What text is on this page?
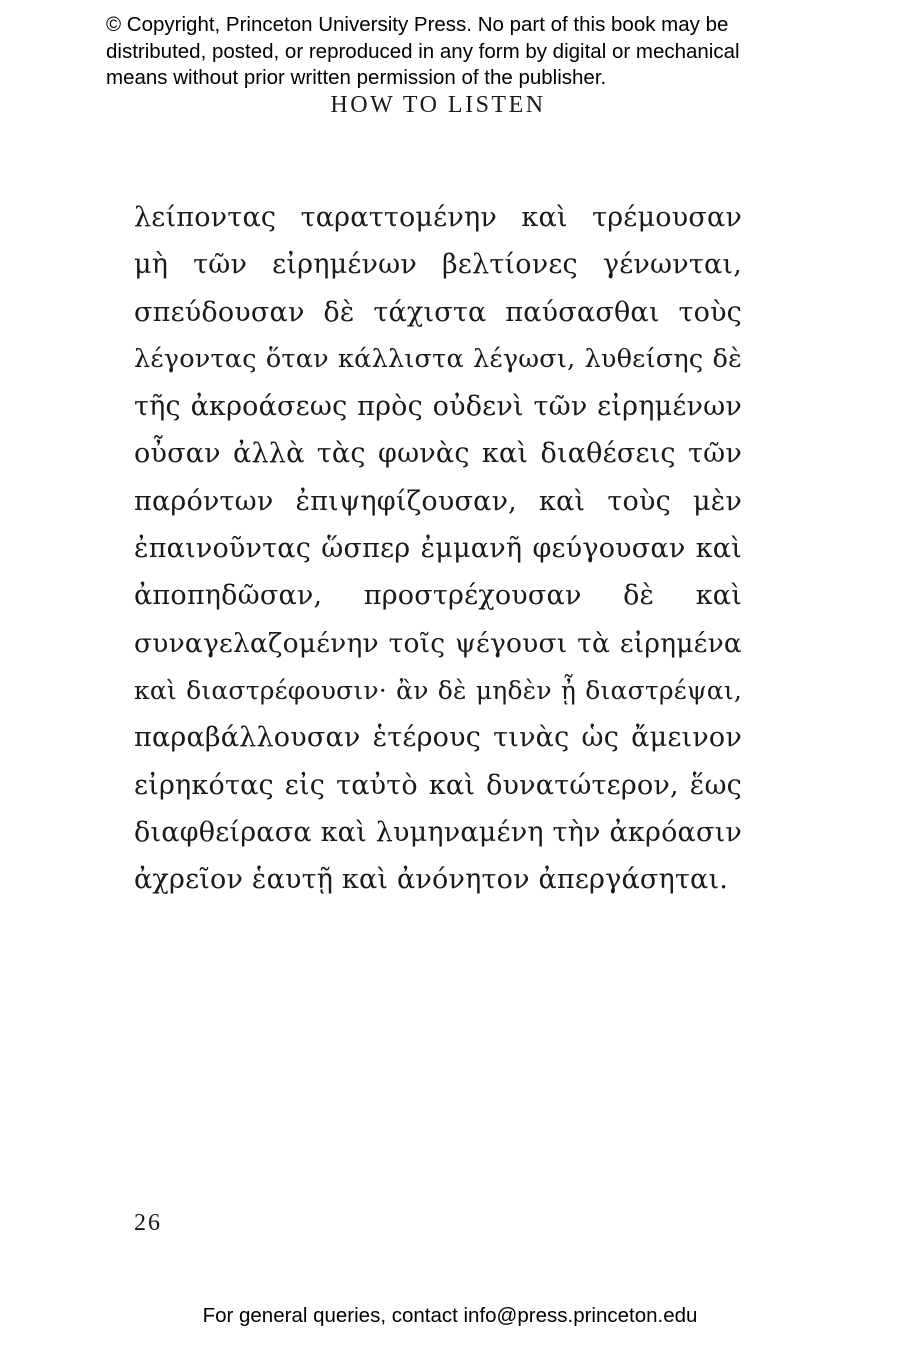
© Copyright, Princeton University Press. No part of this book may be
distributed, posted, or reproduced in any form by digital or mechanical
means without prior written permission of the publisher.
HOW TO LISTEN
λείποντας ταραττομένην καὶ τρέμουσαν
μὴ τῶν εἰρημένων βελτίονες γένωνται,
σπεύδουσαν δὲ τάχιστα παύσασθαι τοὺς
λέγοντας ὅταν κάλλιστα λέγωσι, λυθείσης δὲ
τῆς ἀκροάσεως πρὸς οὐδενὶ τῶν εἰρημένων
οὖσαν ἀλλὰ τὰς φωνὰς καὶ διαθέσεις τῶν
παρόντων ἐπιψηφίζουσαν, καὶ τοὺς μὲν
ἐπαινοῦντας ὥσπερ ἐμμανῆ φεύγουσαν καὶ
ἀποπηδῶσαν, προστρέχουσαν δὲ καὶ
συναγελαζομένην τοῖς ψέγουσι τὰ εἰρημένα
καὶ διαστρέφουσιν· ἂν δὲ μηδὲν ᾖ διαστρέψαι,
παραβάλλουσαν ἑτέρους τινὰς ὡς ἄμεινον
εἰρηκότας εἰς ταὐτὸ καὶ δυνατώτερον, ἕως
διαφθείρασα καὶ λυμηναμένη τὴν ἀκρόασιν
ἀχρεῖον ἑαυτῇ καὶ ἀνόνητον ἀπεργάσηται.
26
For general queries, contact info@press.princeton.edu
